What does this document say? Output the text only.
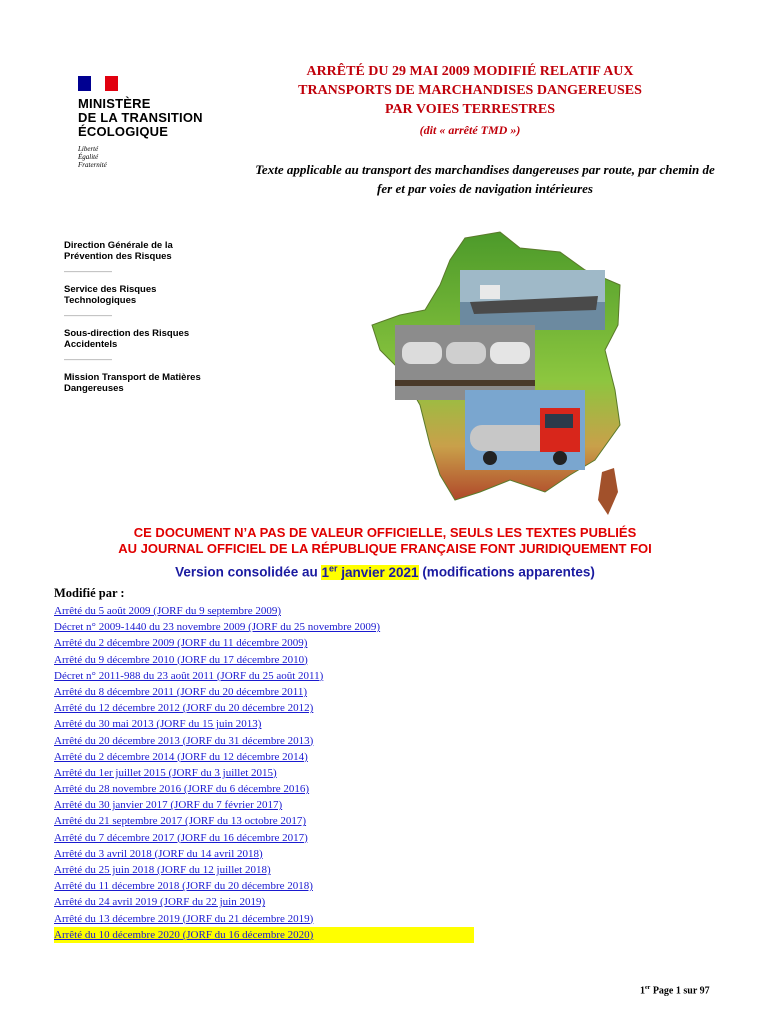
MINISTÈRE
DE LA TRANSITION
ÉCOLOGIQUE
Liberté
Égalité
Fraternité
ARRÊTÉ DU 29 MAI 2009 MODIFIÉ RELATIF AUX
TRANSPORTS DE MARCHANDISES DANGEREUSES
PAR VOIES TERRESTRES
(dit « arrêté TMD »)
Texte applicable au transport des marchandises dangereuses par route, par chemin de fer et par voies de navigation intérieures
Direction Générale de la Prévention des Risques
——————
Service des Risques Technologiques
——————
Sous-direction des Risques Accidentels
——————
Mission Transport de Matières Dangereuses
CE DOCUMENT N’A PAS DE VALEUR OFFICIELLE, SEULS LES TEXTES PUBLIÉS
AU JOURNAL OFFICIEL DE LA RÉPUBLIQUE FRANÇAISE FONT JURIDIQUEMENT FOI
Version consolidée au 1er janvier 2021 (modifications apparentes)
Modifié par :
Arrêté du 5 août 2009 (JORF du 9 septembre 2009)
Décret n° 2009-1440 du 23 novembre 2009 (JORF du 25 novembre 2009)
Arrêté du 2 décembre 2009 (JORF du 11 décembre 2009)
Arrêté du 9 décembre 2010 (JORF du 17 décembre 2010)
Décret n° 2011-988 du 23 août 2011 (JORF du 25 août 2011)
Arrêté du 8 décembre 2011 (JORF du 20 décembre 2011)
Arrêté du 12 décembre 2012 (JORF du 20 décembre 2012)
Arrêté du 30 mai 2013 (JORF du 15 juin 2013)
Arrêté du 20 décembre 2013 (JORF du 31 décembre 2013)
Arrêté du 2 décembre 2014 (JORF du 12 décembre 2014)
Arrêté du 1er juillet 2015 (JORF du 3 juillet 2015)
Arrêté du 28 novembre 2016 (JORF du 6 décembre 2016)
Arrêté du 30 janvier 2017 (JORF du 7 février 2017)
Arrêté du 21 septembre 2017 (JORF du 13 octobre 2017)
Arrêté du 7 décembre 2017 (JORF du 16 décembre 2017)
Arrêté du 3 avril 2018 (JORF du 14 avril 2018)
Arrêté du 25 juin 2018 (JORF du 12 juillet 2018)
Arrêté du 11 décembre 2018 (JORF du 20 décembre 2018)
Arrêté du 24 avril 2019 (JORF du 22 juin 2019)
Arrêté du 13 décembre 2019 (JORF du 21 décembre 2019)
Arrêté du 10 décembre 2020 (JORF du 16 décembre 2020)
1er Page 1 sur 97
